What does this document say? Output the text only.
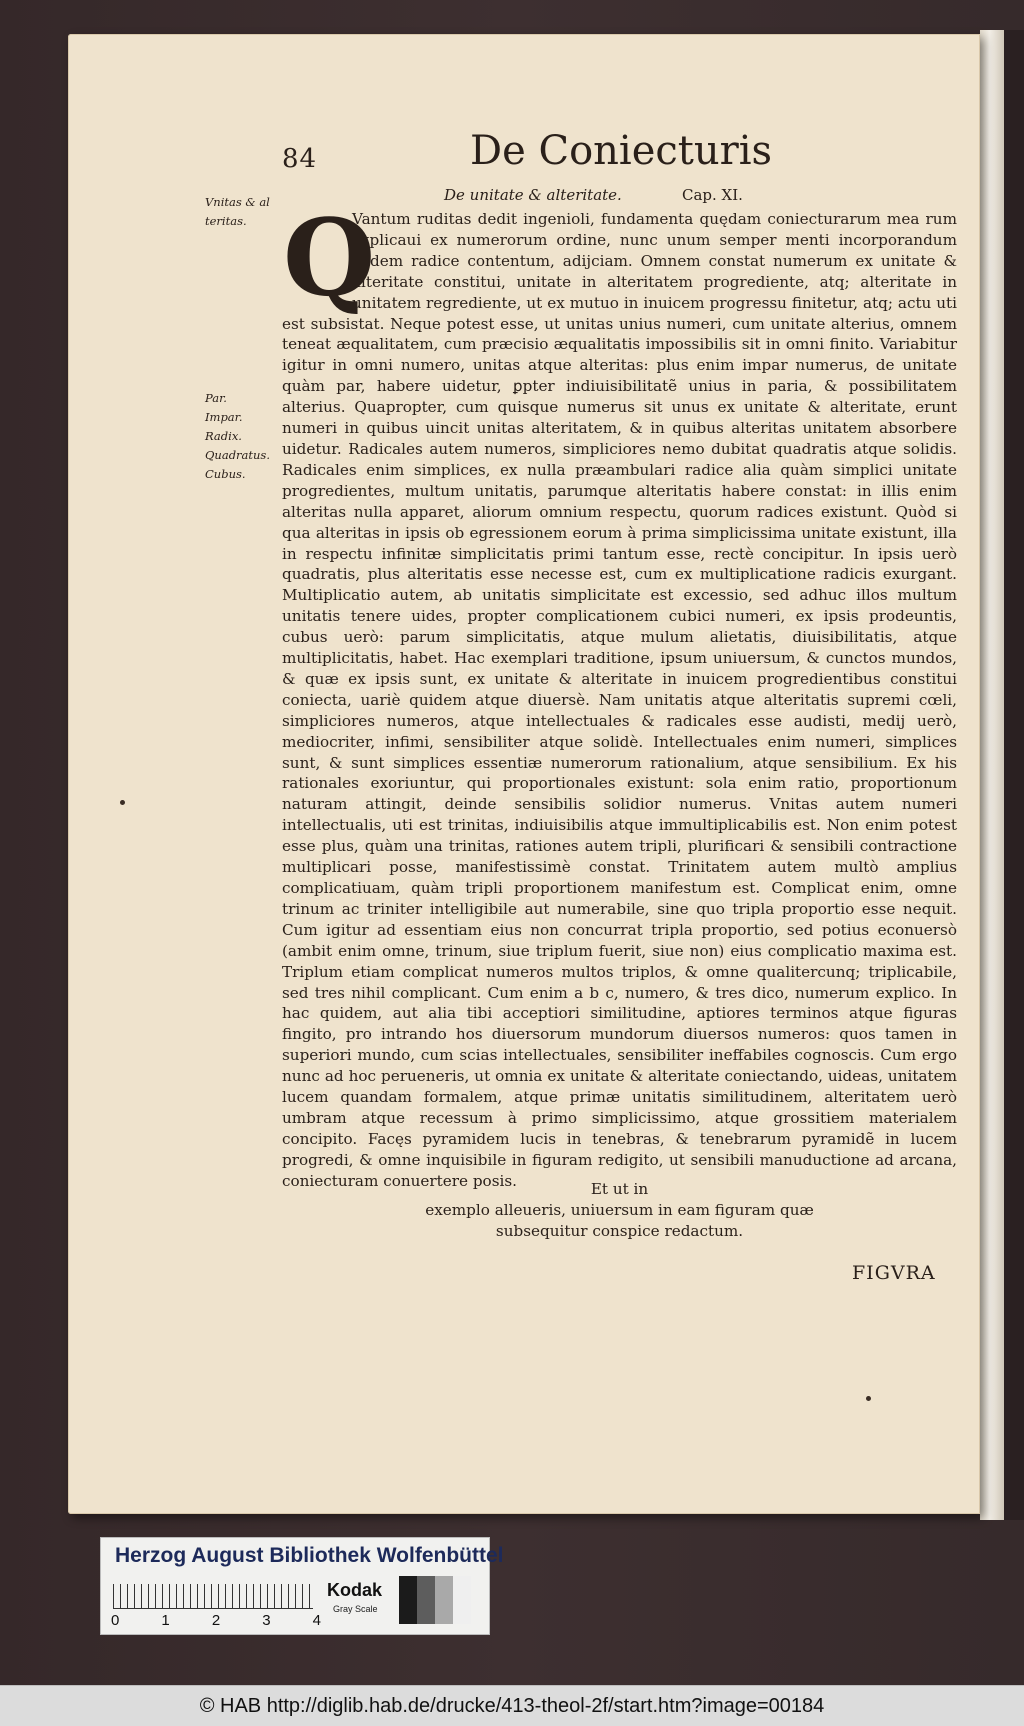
84	De Coniecturis
De unitate & alteritate.	Cap. XI.
Vnitas & al
teritas.
Par.
Impar.
Radix.
Quadratus.
Cubus.
Vantum ruditas dedit ingenioli, fundamenta quędam coniecturarum mea rum explicaui ex numerorum ordine, nunc unum semper menti incorporandum eadem radice contentum, adijciam. Omnem constat numerum ex unitate & alteritate constitui, unitate in alteritatem progrediente, atq; alteritate in unitatem regrediente, ut ex mutuo in inuicem progressu finitetur, atq; actu uti est subsistat. Neque potest esse, ut unitas unius numeri, cum unitate alterius, omnem teneat æqualitatem, cum præcisio æqualitatis impossibilis sit in omni finito. Variabitur igitur in omni numero, unitas atque alteritas: plus enim impar numerus, de unitate quàm par, habere uidetur, ꝑpter indiuisibilitatẽ unius in paria, & possibilitatem alterius. Quapropter, cum quisque numerus sit unus ex unitate & alteritate, erunt numeri in quibus uincit unitas alteritatem, & in quibus alteritas unitatem absorbere uidetur. Radicales autem numeros, simpliciores nemo dubitat quadratis atque solidis. Radicales enim simplices, ex nulla præambulari radice alia quàm simplici unitate progredientes, multum unitatis, parumque alteritatis habere constat: in illis enim alteritas nulla apparet, aliorum omnium respectu, quorum radices existunt. Quòd si qua alteritas in ipsis ob egressionem eorum à prima simplicissima unitate existunt, illa in respectu infinitæ simplicitatis primi tantum esse, rectè concipitur. In ipsis uerò quadratis, plus alteritatis esse necesse est, cum ex multiplicatione radicis exurgant. Multiplicatio autem, ab unitatis simplicitate est excessio, sed adhuc illos multum unitatis tenere uides, propter complicationem cubici numeri, ex ipsis prodeuntis, cubus uerò: parum simplicitatis, atque mulum alietatis, diuisibilitatis, atque multiplicitatis, habet. Hac exemplari traditione, ipsum uniuersum, & cunctos mundos, & quæ ex ipsis sunt, ex unitate & alteritate in inuicem progredientibus constitui coniecta, uariè quidem atque diuersè. Nam unitatis atque alteritatis supremi cœli, simpliciores numeros, atque intellectuales & radicales esse audisti, medij uerò, mediocriter, infimi, sensibiliter atque solidè. Intellectuales enim numeri, simplices sunt, & sunt simplices essentiæ numerorum rationalium, atque sensibilium. Ex his rationales exoriuntur, qui proportionales existunt: sola enim ratio, proportionum naturam attingit, deinde sensibilis solidior numerus. Vnitas autem numeri intellectualis, uti est trinitas, indiuisibilis atque immultiplicabilis est. Non enim potest esse plus, quàm una trinitas, rationes autem tripli, plurificari & sensibili contractione multiplicari posse, manifestissimè constat. Trinitatem autem multò amplius complicatiuam, quàm tripli proportionem manifestum est. Complicat enim, omne trinum ac triniter intelligibile aut numerabile, sine quo tripla proportio esse nequit. Cum igitur ad essentiam eius non concurrat tripla proportio, sed potius econuersò (ambit enim omne, trinum, siue triplum fuerit, siue non) eius complicatio maxima est. Triplum etiam complicat numeros multos triplos, & omne qualitercunq; triplicabile, sed tres nihil complicant. Cum enim a b c, numero, & tres dico, numerum explico. In hac quidem, aut alia tibi acceptiori similitudine, aptiores terminos atque figuras fingito, pro intrando hos diuersorum mundorum diuersos numeros: quos tamen in superiori mundo, cum scias intellectuales, sensibiliter ineffabiles cognoscis. Cum ergo nunc ad hoc perueneris, ut omnia ex unitate & alteritate coniectando, uideas, unitatem lucem quandam formalem, atque primæ unitatis similitudinem, alteritatem uerò umbram atque recessum à primo simplicissimo, atque grossitiem materialem concipito. Facęs pyramidem lucis in tenebras, & tenebrarum pyramidẽ in lucem progredi, & omne inquisibile in figuram redigito, ut sensibili manuductione ad arcana, coniecturam conuertere posis.
Q
Et ut in
exemplo alleueris, uniuersum in eam figuram quæ
subsequitur conspice redactum.
FIGVRA
Herzog August Bibliothek Wolfenbüttel
0	1	2	3	4
Kodak
Gray Scale
© HAB http://diglib.hab.de/drucke/413-theol-2f/start.htm?image=00184
